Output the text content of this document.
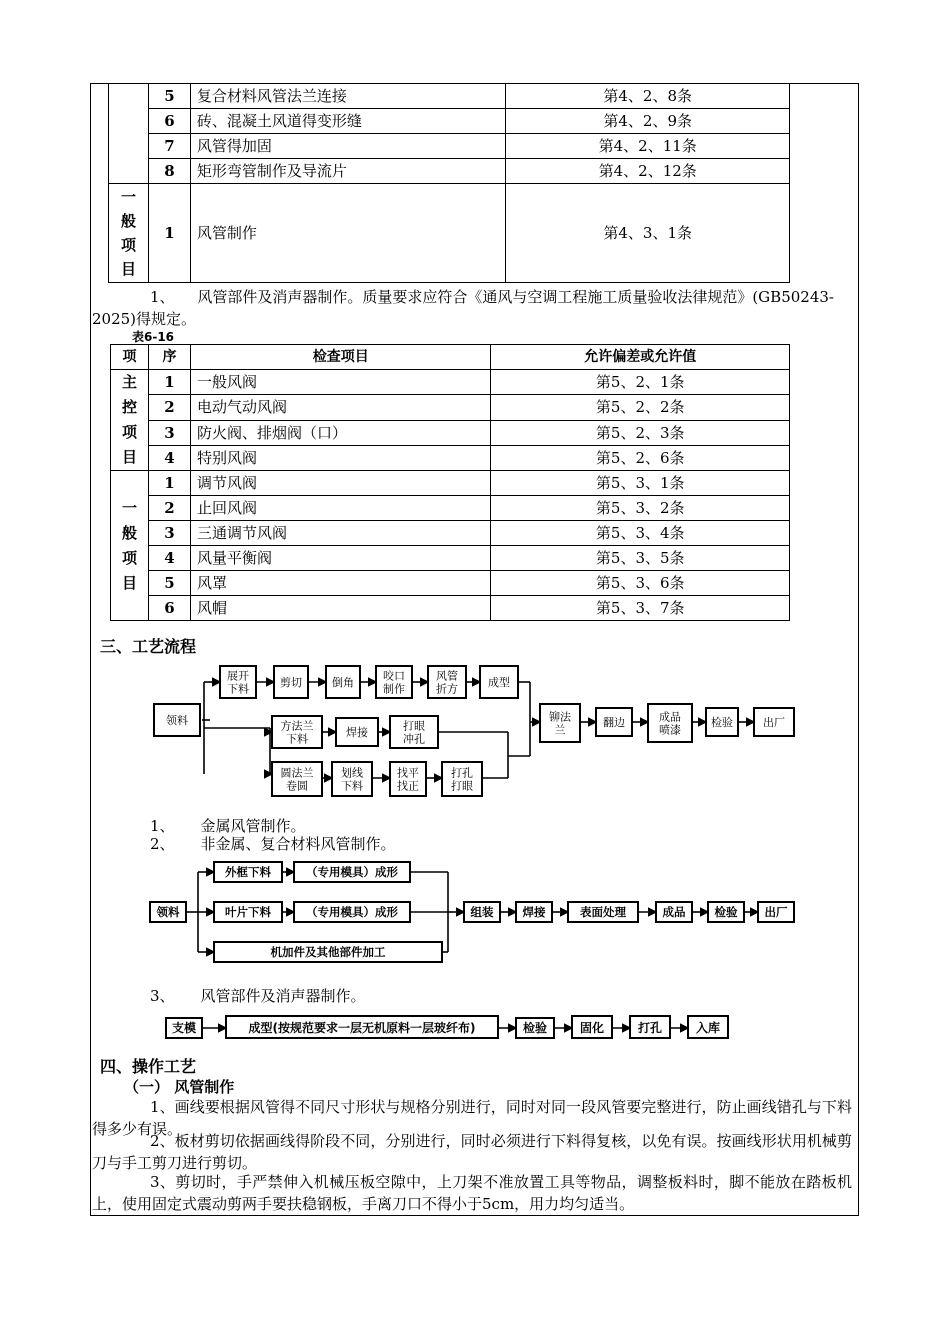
	5	复合材料风管法兰连接	第4、2、8条
	6	砖、混凝土风道得变形缝	第4、2、9条
	7	风管得加固	第4、2、11条
	8	矩形弯管制作及导流片	第4、2、12条

一般项目	1	风管制作	第4、3、1条
1、 风管部件及消声器制作。质量要求应符合《通风与空调工程施工质量验收法律规范》(GB50243-2025)得规定。
表6-16
项	序	检查项目	允许偏差或允许值

主控项目	1	一般风阀	第5、2、1条
	2	电动气动风阀	第5、2、2条
	3	防火阀、排烟阀（口）	第5、2、3条
	4	特别风阀	第5、2、6条

一般项目	1	调节风阀	第5、3、1条
	2	止回风阀	第5、3、2条
	3	三通调节风阀	第5、3、4条
	4	风量平衡阀	第5、3、5条
	5	风罩	第5、3、6条
	6	风帽	第5、3、7条
三、工艺流程
领料
展开
下料	剪切	倒角	咬口
制作
风管
折方	成型
方法兰
下料	焊接	打眼
冲孔
圆法兰
卷圆
划线
下料
找平
找正
打孔
打眼
铆法
兰
翻边	成品
喷漆
检验	出厂
1、 金属风管制作。
2、 非金属、复合材料风管制作。
领料
外框下料	（专用模具）成形
叶片下料	（专用模具）成形
机加件及其他部件加工
组装	焊接	表面处理	成品	检验 出厂
3、 风管部件及消声器制作。
支模	成型(按规范要求一层无机原料一层玻纤布)	检验	固化	打孔	入库
四、操作工艺
（一） 风管制作
1、画线要根据风管得不同尺寸形状与规格分别进行，同时对同一段风管要完整进行，防止画线错孔与下料得多少有误。
2、板材剪切依据画线得阶段不同，分别进行，同时必须进行下料得复核，以免有误。按画线形状用机械剪刀与手工剪刀进行剪切。
3、剪切时，手严禁伸入机械压板空隙中，上刀架不准放置工具等物品，调整板料时，脚不能放在踏板机上，使用固定式震动剪两手要扶稳钢板，手离刀口不得小于5cm，用力均匀适当。
